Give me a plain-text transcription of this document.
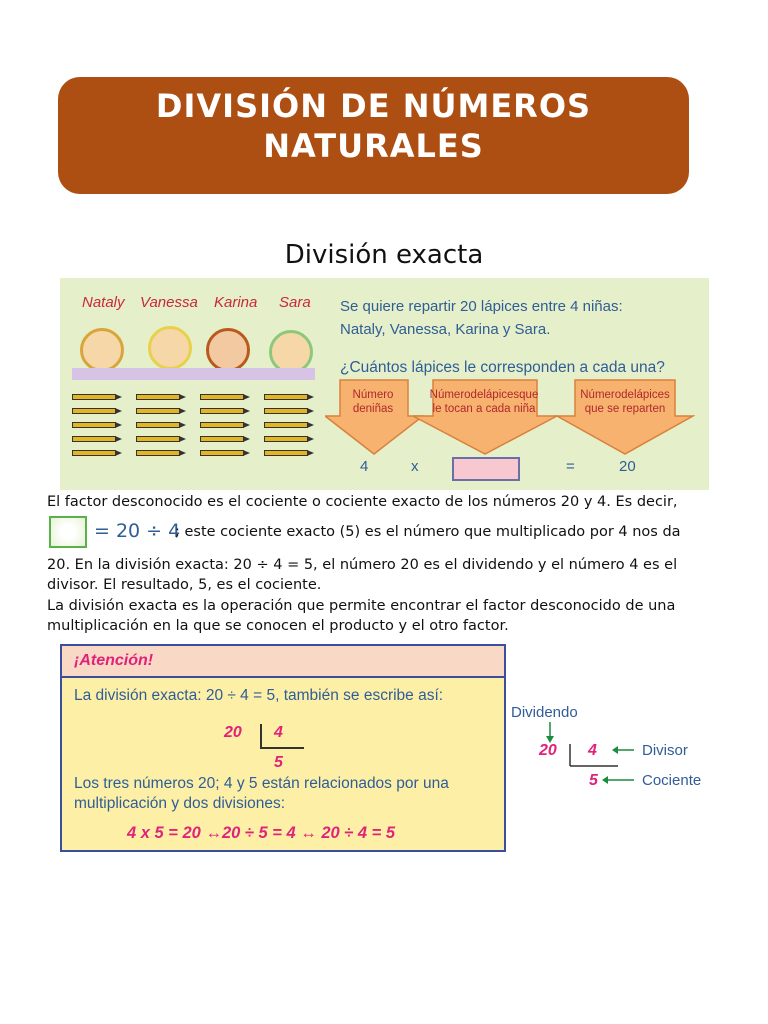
DIVISIÓN DE NÚMEROS NATURALES
División exacta
Nataly Vanessa Karina Sara Se quiere repartir 20 lápices entre 4 niñas:
Nataly, Vanessa, Karina y Sara.
¿Cuántos lápices le corresponden a cada una?
Número deniñas
Númerodelápicesque le tocan a cada niña
Númerodelápices que se reparten
4	x	=	20
El factor desconocido es el cociente o cociente exacto de los números 20 y 4. Es decir,
= 20 ÷ 4
; este cociente exacto (5) es el número que multiplicado por 4 nos da
20. En la división exacta: 20 ÷ 4 = 5, el número 20 es el dividendo y el número 4 es el
divisor. El resultado, 5, es el cociente.
La división exacta es la operación que permite encontrar el factor desconocido de una
multiplicación en la que se conocen el producto y el otro factor.
¡Atención!
La división exacta: 20 ÷ 4 = 5, también se escribe así:
20 4
5
Los tres números 20; 4 y 5 están relacionados por una
multiplicación y dos divisiones:
4 x 5 = 20 ↔20 ÷ 5 = 4 ↔ 20 ÷ 4 = 5
Dividendo
20 4
5
Divisor
Cociente
